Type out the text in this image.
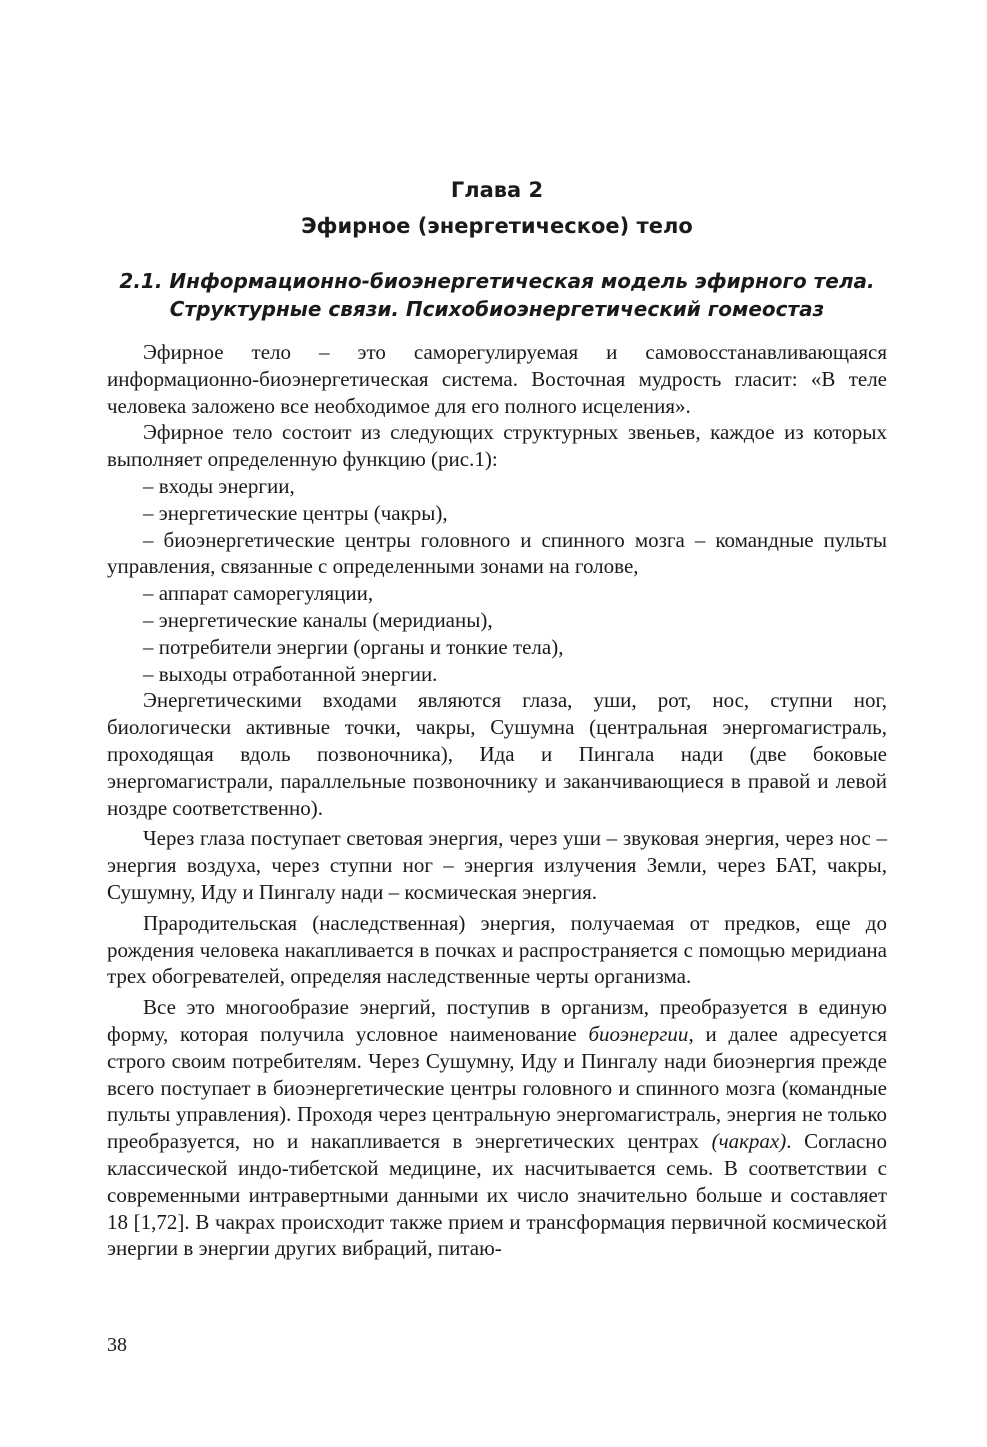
Глава 2
Эфирное (энергетическое) тело
2.1. Информационно-биоэнергетическая модель эфирного тела.
Структурные связи. Психобиоэнергетический гомеостаз

Эфирное тело – это саморегулируемая и самовосстанавливающаяся информационно-биоэнергетическая система. Восточная мудрость гласит: «В теле человека заложено все необходимое для его полного исцеления».

Эфирное тело состоит из следующих структурных звеньев, каждое из которых выполняет определенную функцию (рис.1):

– входы энергии,

– энергетические центры (чакры),

– биоэнергетические центры головного и спинного мозга – командные пульты управления, связанные с определенными зонами на голове,

– аппарат саморегуляции,

– энергетические каналы (меридианы),

– потребители энергии (органы и тонкие тела),

– выходы отработанной энергии.

Энергетическими входами являются глаза, уши, рот, нос, ступни ног, биологически активные точки, чакры, Сушумна (центральная энергомагистраль, проходящая вдоль позвоночника), Ида и Пингала нади (две боковые энергомагистрали, параллельные позвоночнику и заканчивающиеся в правой и левой ноздре соответственно).

Через глаза поступает световая энергия, через уши – звуковая энергия, через нос – энергия воздуха, через ступни ног – энергия излучения Земли, через БАТ, чакры, Сушумну, Иду и Пингалу нади – космическая энергия.

Прародительская (наследственная) энергия, получаемая от предков, еще до рождения человека накапливается в почках и распространяется с помощью меридиана трех обогревателей, определяя наследственные черты организма.

Все это многообразие энергий, поступив в организм, преобразуется в единую форму, которая получила условное наименование биоэнергии, и далее адресуется строго своим потребителям. Через Сушумну, Иду и Пингалу нади биоэнергия прежде всего поступает в биоэнергетические центры головного и спинного мозга (командные пульты управления). Проходя через центральную энергомагистраль, энергия не только преобразуется, но и накапливается в энергетических центрах (чакрах). Согласно классической индо-тибетской медицине, их насчитывается семь. В соответствии с современными интравертными данными их число значительно больше и составляет 18 [1,72]. В чакрах происходит также прием и трансформация первичной космической энергии в энергии других вибраций, питаю-

38
